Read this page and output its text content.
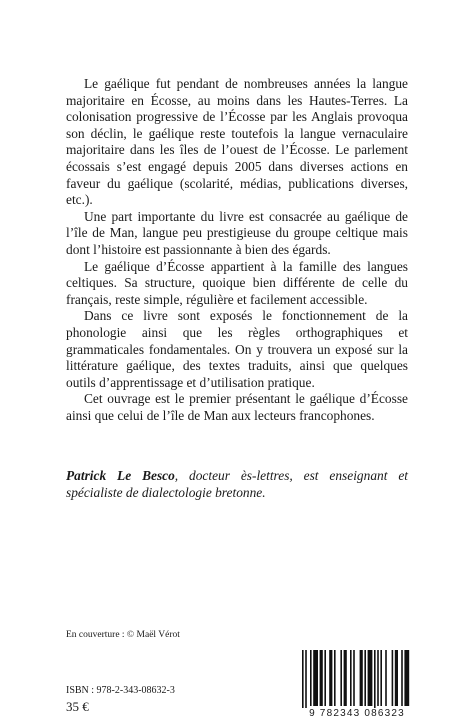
Le gaélique fut pendant de nombreuses années la langue majoritaire en Écosse, au moins dans les Hautes-Terres. La colonisation progressive de l’Écosse par les Anglais provoqua son déclin, le gaélique reste toutefois la langue vernaculaire majoritaire dans les îles de l’ouest de l’Écosse. Le parlement écossais s’est engagé depuis 2005 dans diverses actions en faveur du gaélique (scolarité, médias, publications diverses, etc.).

Une part importante du livre est consacrée au gaélique de l’île de Man, langue peu prestigieuse du groupe celtique mais dont l’histoire est passionnante à bien des égards.

Le gaélique d’Écosse appartient à la famille des langues celtiques. Sa structure, quoique bien différente de celle du français, reste simple, régulière et facilement accessible.

Dans ce livre sont exposés le fonctionnement de la phonologie ainsi que les règles orthographiques et grammaticales fondamentales. On y trouvera un exposé sur la littérature gaélique, des textes traduits, ainsi que quelques outils d’apprentissage et d’utilisation pratique.

Cet ouvrage est le premier présentant le gaélique d’Écosse ainsi que celui de l’île de Man aux lecteurs francophones.

Patrick Le Besco, docteur ès-lettres, est enseignant et spécialiste de dialectologie bretonne.
En couverture : © Maël Vérot
ISBN : 978-2-343-08632-3
35 €	9 782343 086323
